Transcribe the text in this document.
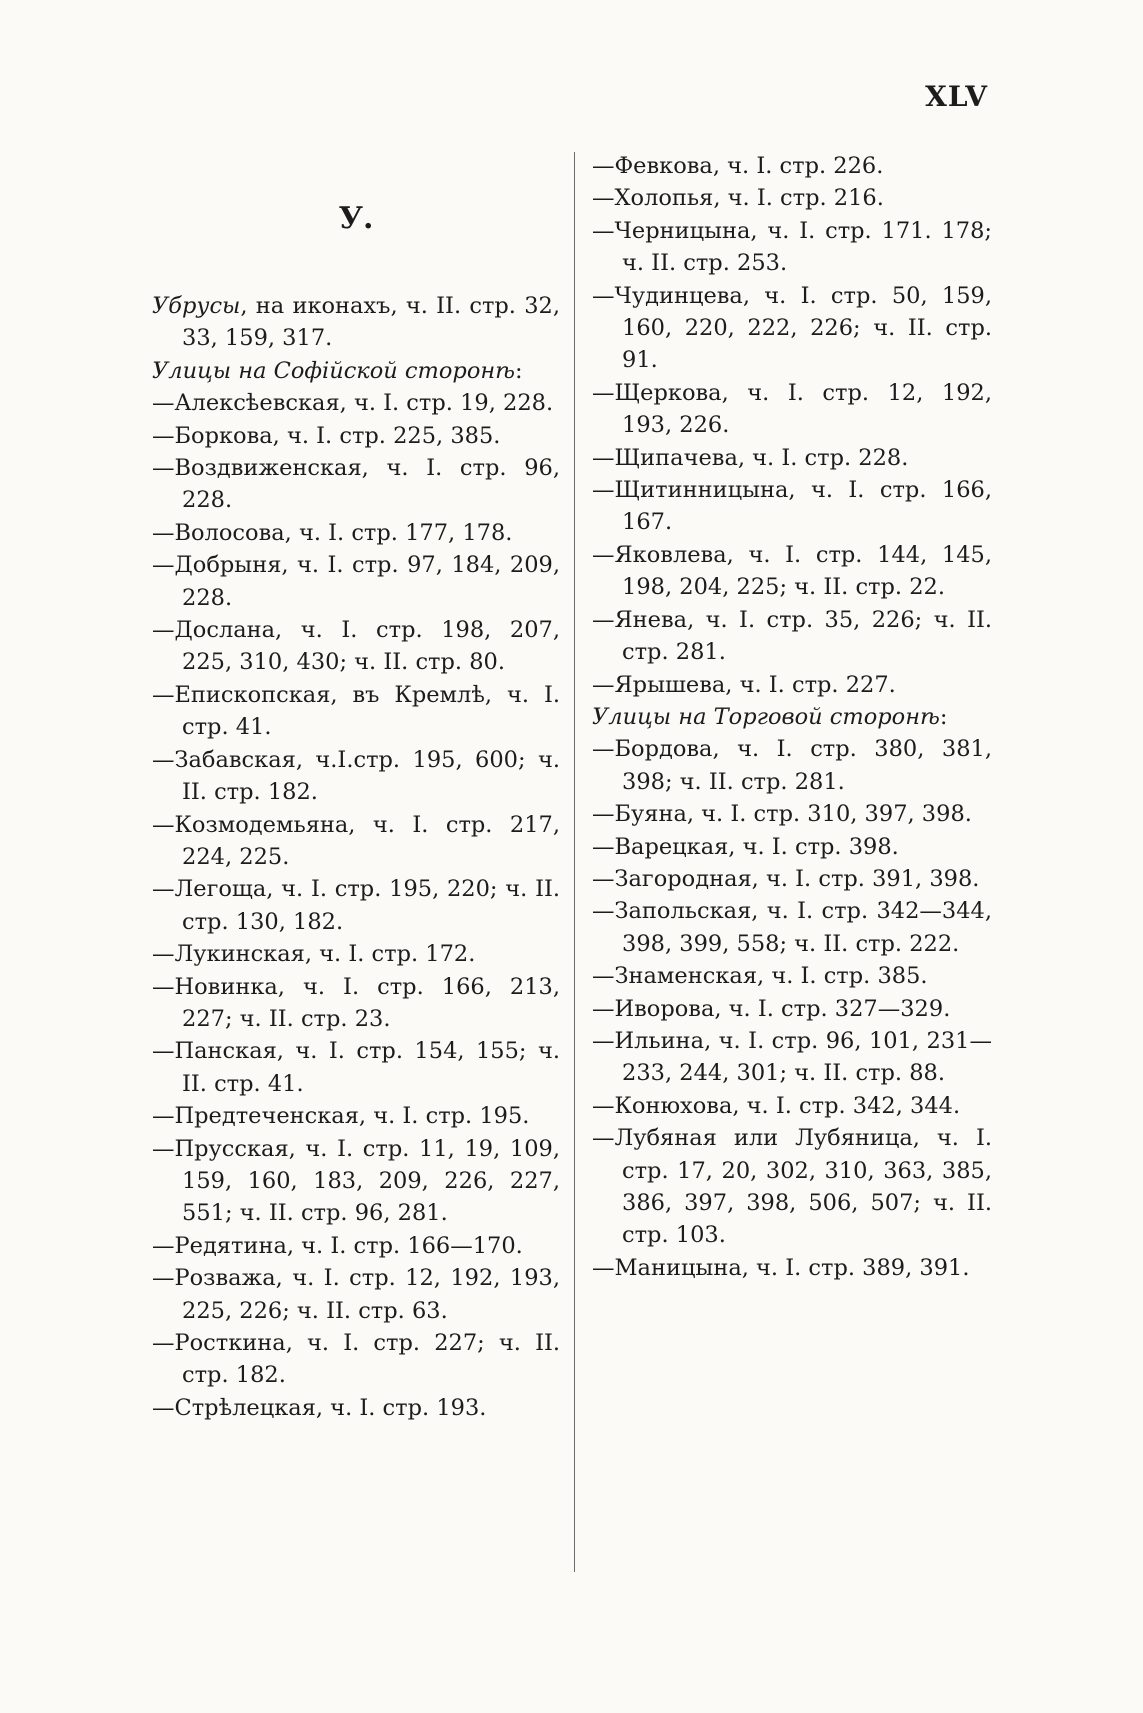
XLV
У.
Убрусы, на иконахъ, ч. II. стр. 32, 33, 159, 317.
Улицы на Софійской сторонѣ:
—Алексѣевская, ч. I. стр. 19, 228.
—Боркова, ч. I. стр. 225, 385.
—Воздвиженская, ч. I. стр. 96, 228.
—Волосова, ч. I. стр. 177, 178.
—Добрыня, ч. I. стр. 97, 184, 209, 228.
—Дослана, ч. I. стр. 198, 207, 225, 310, 430; ч. II. стр. 80.
—Епископская, въ Кремлѣ, ч. I. стр. 41.
—Забавская, ч.I.стр. 195, 600; ч. II. стр. 182.
—Козмодемьяна, ч. I. стр. 217, 224, 225.
—Легоща, ч. I. стр. 195, 220; ч. II. стр. 130, 182.
—Лукинская, ч. I. стр. 172.
—Новинка, ч. I. стр. 166, 213, 227; ч. II. стр. 23.
—Панская, ч. I. стр. 154, 155; ч. II. стр. 41.
—Предтеченская, ч. I. стр. 195.
—Прусская, ч. I. стр. 11, 19, 109, 159, 160, 183, 209, 226, 227, 551; ч. II. стр. 96, 281.
—Редятина, ч. I. стр. 166—170.
—Розважа, ч. I. стр. 12, 192, 193, 225, 226; ч. II. стр. 63.
—Росткина, ч. I. стр. 227; ч. II. стр. 182.
—Стрѣлецкая, ч. I. стр. 193.
—Февкова, ч. I. стр. 226.
—Холопья, ч. I. стр. 216.
—Черницына, ч. I. стр. 171. 178; ч. II. стр. 253.
—Чудинцева, ч. I. стр. 50, 159, 160, 220, 222, 226; ч. II. стр. 91.
—Щеркова, ч. I. стр. 12, 192, 193, 226.
—Щипачева, ч. I. стр. 228.
—Щитинницына, ч. I. стр. 166, 167.
—Яковлева, ч. I. стр. 144, 145, 198, 204, 225; ч. II. стр. 22.
—Янева, ч. I. стр. 35, 226; ч. II. стр. 281.
—Ярышева, ч. I. стр. 227.
Улицы на Торговой сторонѣ:
—Бордова, ч. I. стр. 380, 381, 398; ч. II. стр. 281.
—Буяна, ч. I. стр. 310, 397, 398.
—Варецкая, ч. I. стр. 398.
—Загородная, ч. I. стр. 391, 398.
—Запольская, ч. I. стр. 342—344, 398, 399, 558; ч. II. стр. 222.
—Знаменская, ч. I. стр. 385.
—Иворова, ч. I. стр. 327—329.
—Ильина, ч. I. стр. 96, 101, 231—233, 244, 301; ч. II. стр. 88.
—Конюхова, ч. I. стр. 342, 344.
—Лубяная или Лубяница, ч. I. стр. 17, 20, 302, 310, 363, 385, 386, 397, 398, 506, 507; ч. II. стр. 103.
—Маницына, ч. I. стр. 389, 391.
